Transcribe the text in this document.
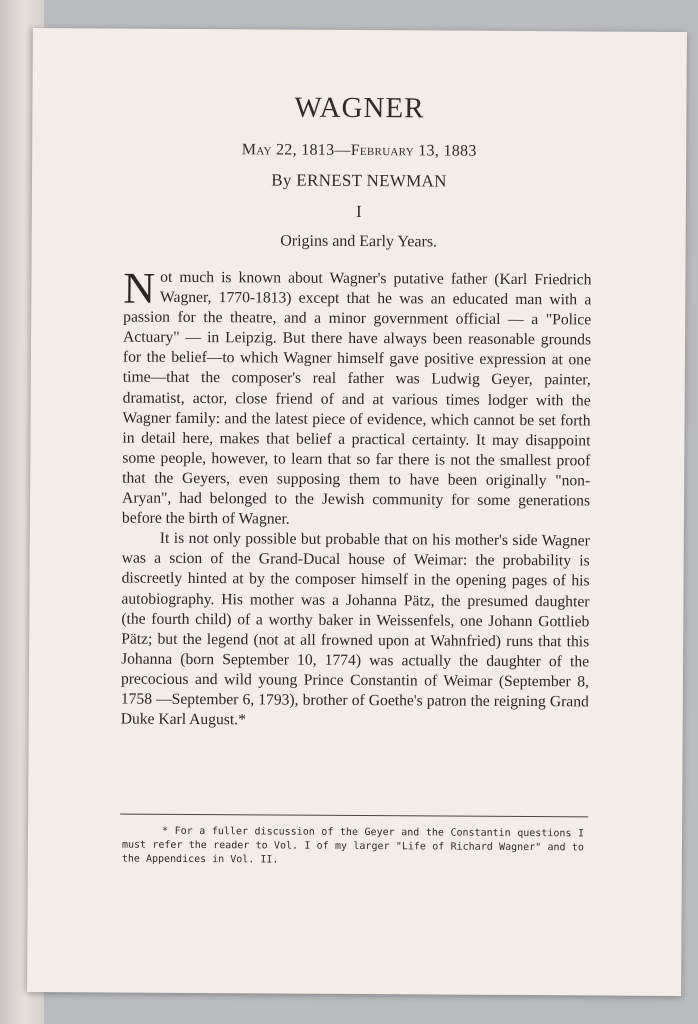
WAGNER
May 22, 1813—February 13, 1883
By ERNEST NEWMAN
I
Origins and Early Years.

Not much is known about Wagner's putative father (Karl Friedrich Wagner, 1770-1813) except that he was an educated man with a passion for the theatre, and a minor government official — a "Police Actuary" — in Leipzig. But there have always been reasonable grounds for the belief—to which Wagner himself gave positive expression at one time—that the composer's real father was Ludwig Geyer, painter, dramatist, actor, close friend of and at various times lodger with the Wagner family: and the latest piece of evidence, which cannot be set forth in detail here, makes that belief a practical certainty. It may disappoint some people, however, to learn that so far there is not the smallest proof that the Geyers, even supposing them to have been originally "non-Aryan", had belonged to the Jewish community for some generations before the birth of Wagner.

It is not only possible but probable that on his mother's side Wagner was a scion of the Grand-Ducal house of Weimar: the probability is discreetly hinted at by the composer himself in the opening pages of his autobiography. His mother was a Johanna Pätz, the presumed daughter (the fourth child) of a worthy baker in Weissenfels, one Johann Gottlieb Pätz; but the legend (not at all frowned upon at Wahnfried) runs that this Johanna (born September 10, 1774) was actually the daughter of the precocious and wild young Prince Constantin of Weimar (September 8, 1758 —September 6, 1793), brother of Goethe's patron the reigning Grand Duke Karl August.*

* For a fuller discussion of the Geyer and the Constantin questions I must refer the reader to Vol. I of my larger "Life of Richard Wagner" and to the Appendices in Vol. II.
